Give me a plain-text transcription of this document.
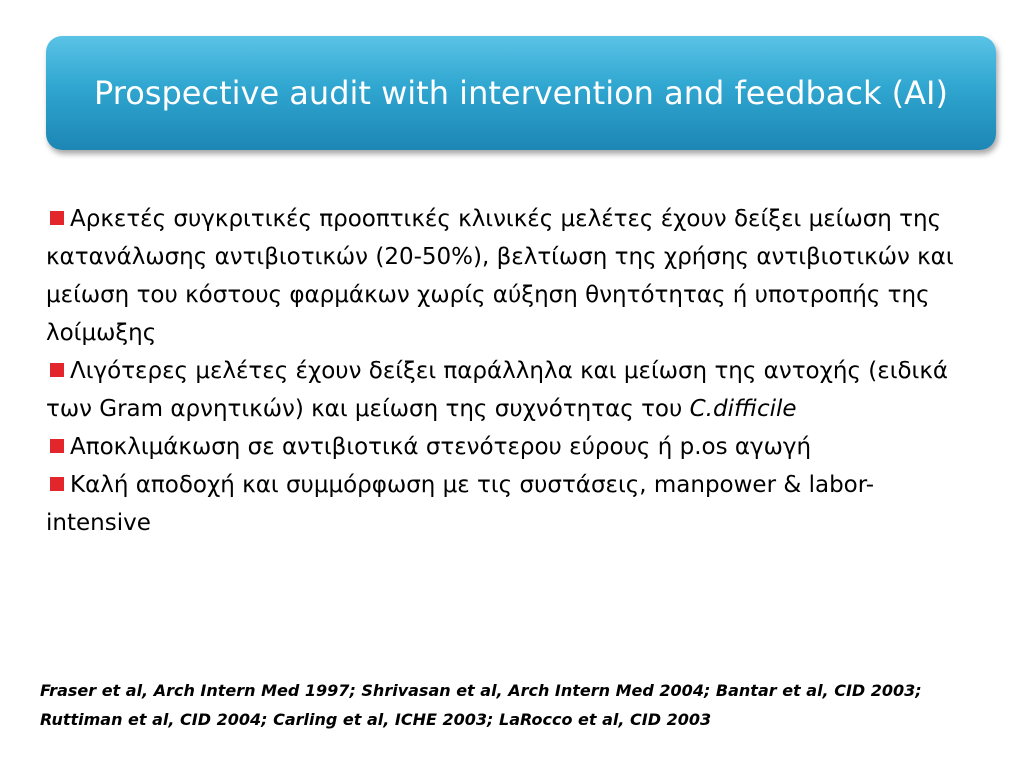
Prospective audit with intervention and feedback (AI)
Αρκετές συγκριτικές προοπτικές κλινικές μελέτες έχουν δείξει μείωση της κατανάλωσης αντιβιοτικών (20-50%), βελτίωση της χρήσης αντιβιοτικών και μείωση του κόστους φαρμάκων χωρίς αύξηση θνητότητας ή υποτροπής της λοίμωξης
Λιγότερες μελέτες έχουν δείξει παράλληλα και μείωση της αντοχής (ειδικά των Gram αρνητικών) και μείωση της συχνότητας του C.difficile
Αποκλιμάκωση σε αντιβιοτικά στενότερου εύρους ή p.os αγωγή
Καλή αποδοχή και συμμόρφωση με τις συστάσεις, manpower & labor- intensive
Fraser et al, Arch Intern Med 1997; Shrivasan et al, Arch Intern Med 2004; Bantar et al, CID 2003; Ruttiman et al, CID 2004; Carling et al, ICHE 2003; LaRocco et al, CID 2003
